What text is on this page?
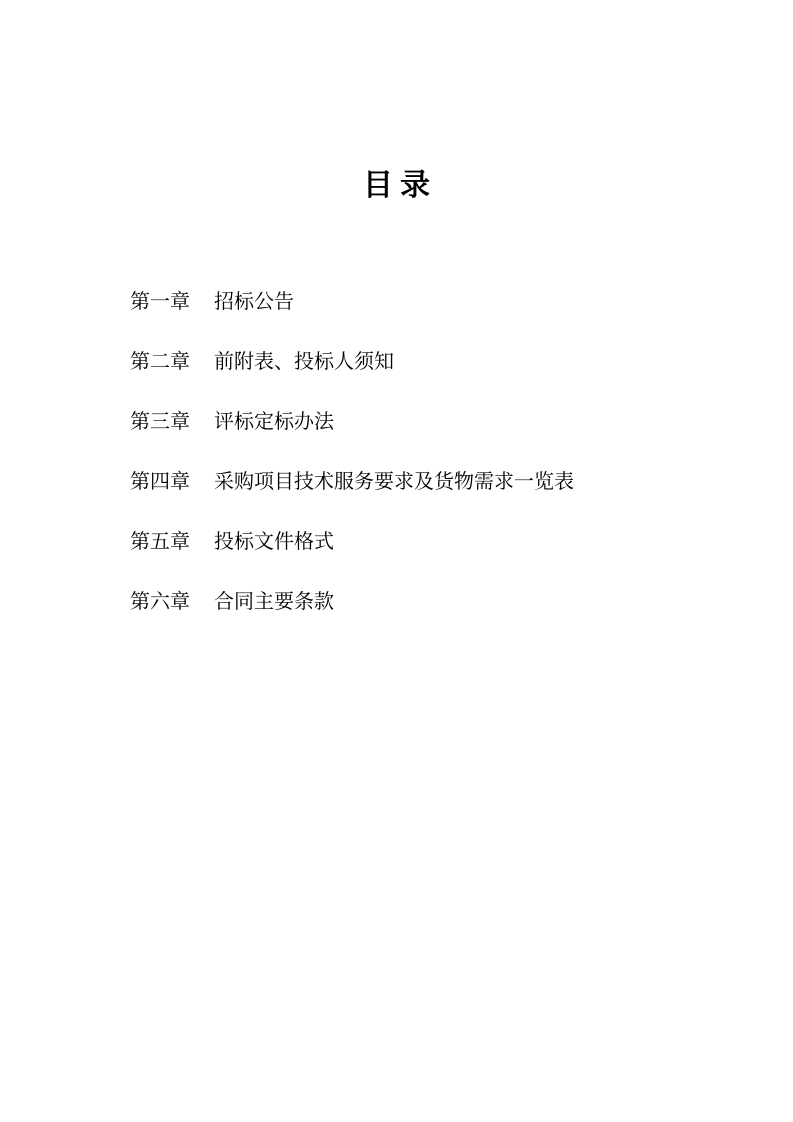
目录
第一章 招标公告
第二章 前附表、投标人须知
第三章 评标定标办法
第四章 采购项目技术服务要求及货物需求一览表
第五章 投标文件格式
第六章 合同主要条款
